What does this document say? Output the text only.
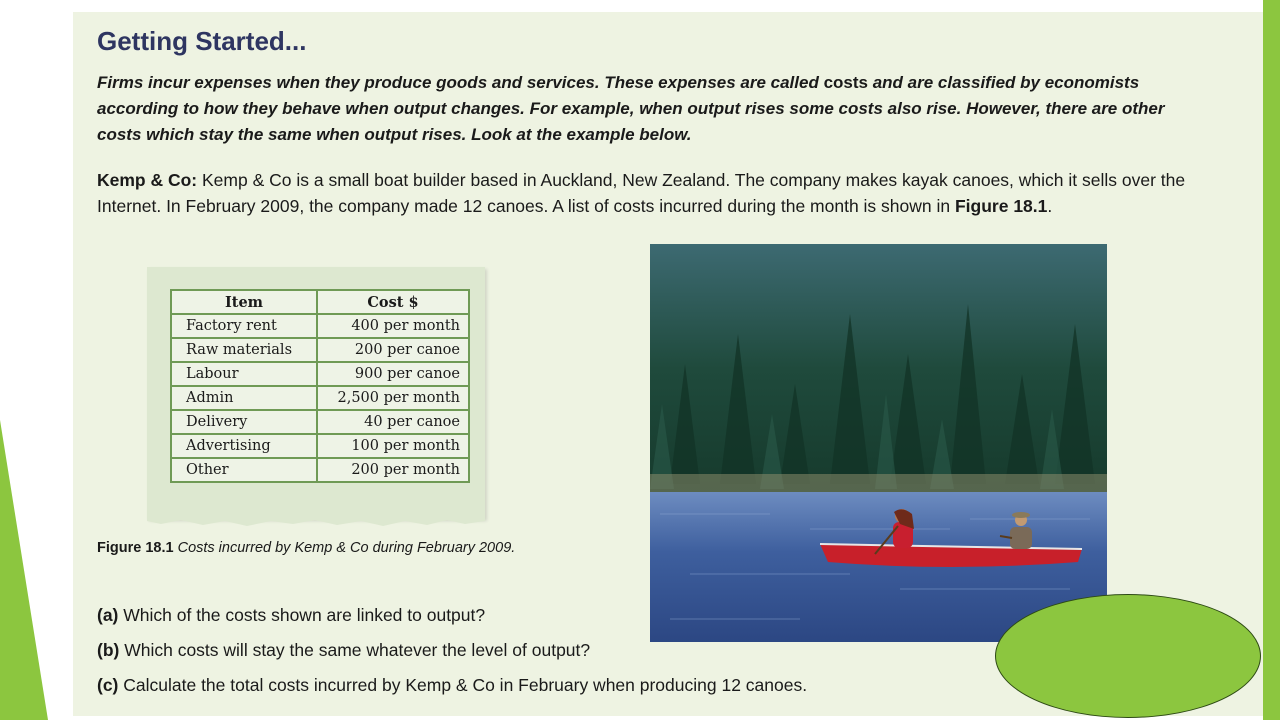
Getting Started...

Firms incur expenses when they produce goods and services. These expenses are called costs and are classified by economists according to how they behave when output changes. For example, when output rises some costs also rise. However, there are other costs which stay the same when output rises. Look at the example below.

Kemp & Co: Kemp & Co is a small boat builder based in Auckland, New Zealand. The company makes kayak canoes, which it sells over the Internet. In February 2009, the company made 12 canoes. A list of costs incurred during the month is shown in Figure 18.1.

Item	Cost $
Factory rent	400 per month
Raw materials	200 per canoe
Labour	900 per canoe
Admin	2,500 per month
Delivery	40 per canoe
Advertising	100 per month
Other	200 per month

Figure 18.1 Costs incurred by Kemp & Co during February 2009.

(a) Which of the costs shown are linked to output?
(b) Which costs will stay the same whatever the level of output?
(c) Calculate the total costs incurred by Kemp & Co in February when producing 12 canoes.
